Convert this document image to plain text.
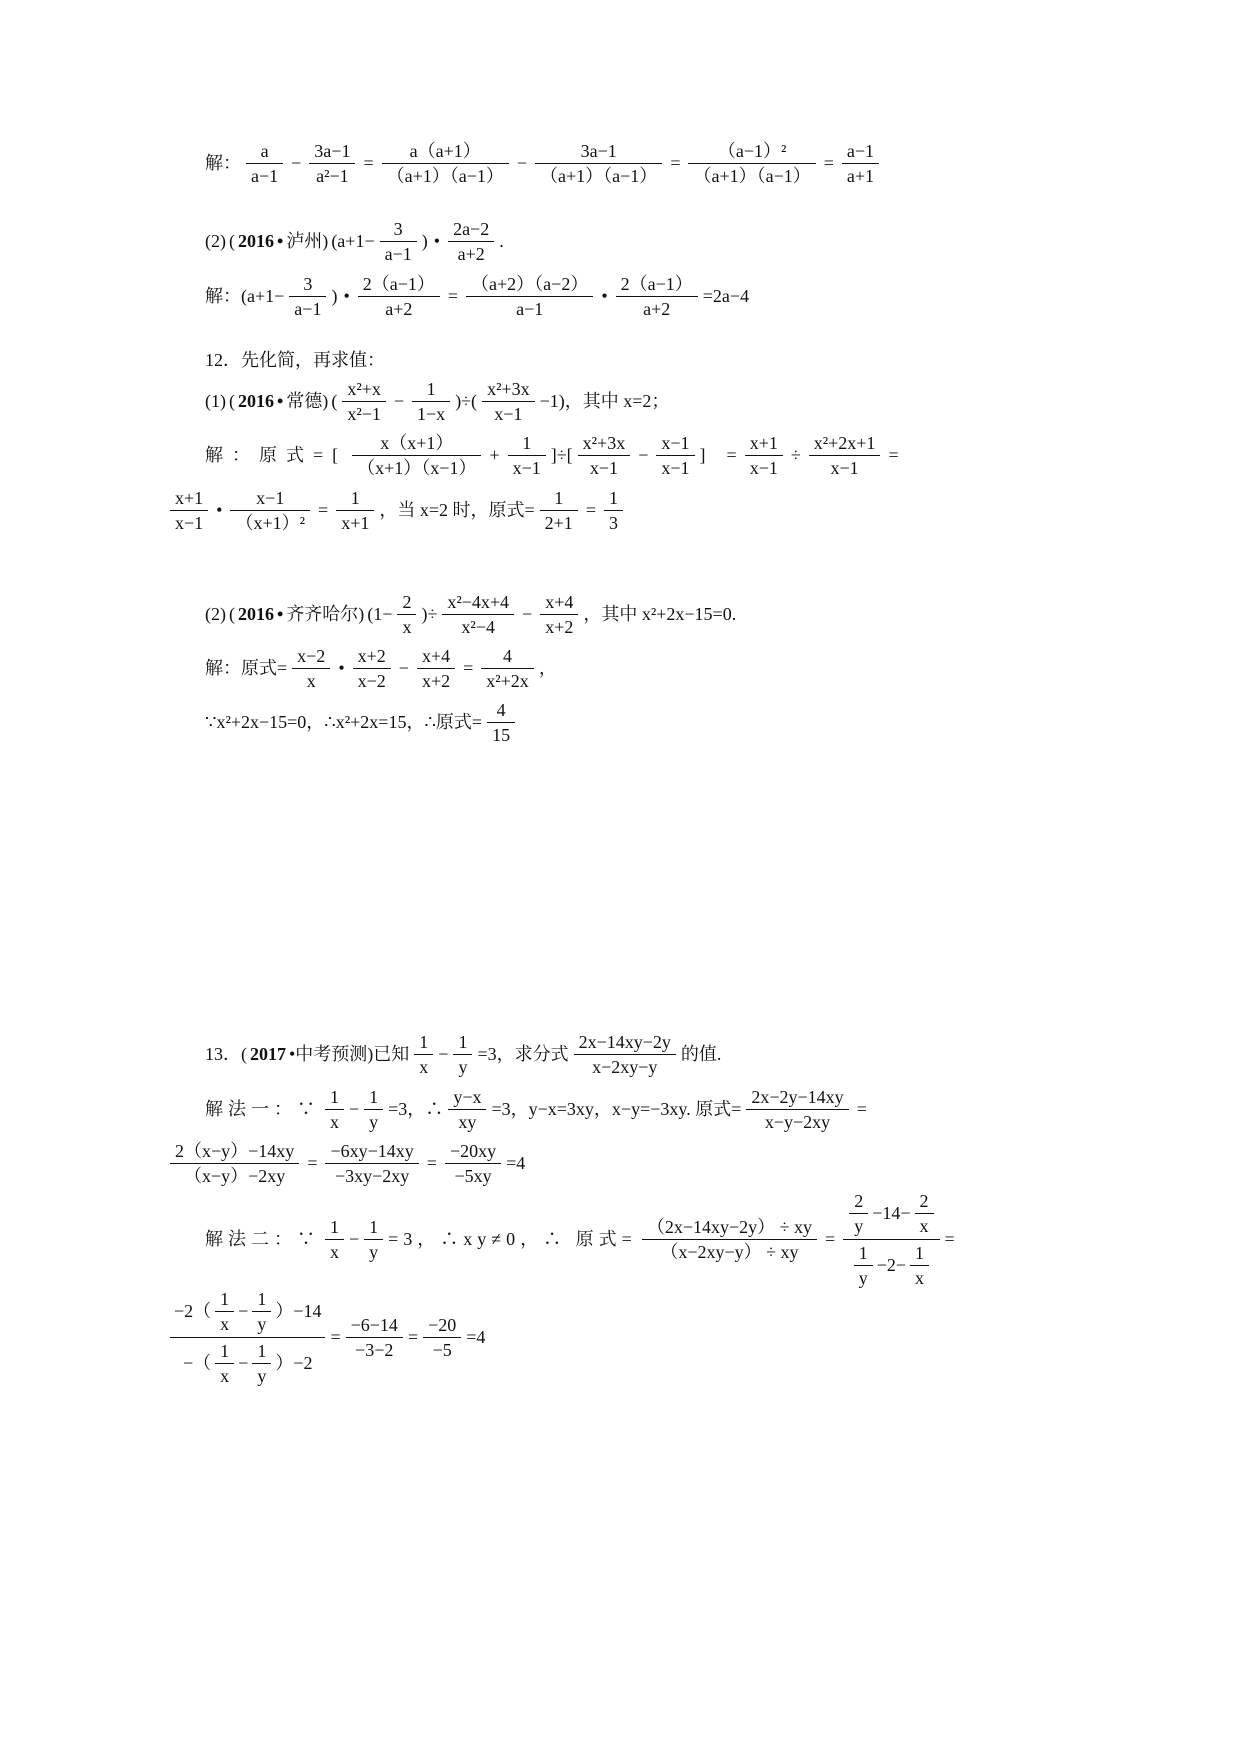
解： $\frac{a}{a-1} - \frac{3a-1}{\text{a²−1}} = \frac{a(a+1)}{(a+1)(a-1)} - \frac{3a-1}{(a+1)(a-1)} = \frac{\text{（a−1）²}}{(a+1)(a-1)} = \frac{a-1}{a+1}$
(2) ( 2016 • 泸州) ($a+1- \frac{3}{a-1}$ ) • $\frac{2a-2}{a+2}$ .
解：($a+1- \frac{3}{a-1}$ ) • $\frac{2(a-1)}{a+2} = \frac{(a+2)(a-2)}{a-1}$ • $\frac{2(a-1)}{a+2} =2a-4$
12．先化简，再求值：
(1) ( 2016 • 常德) ( $\frac{\text{x²+x}}{\text{x²−1}} - \frac{1}{1-x}$ )÷( $\frac{\text{x²+3x}}{x-1} -1$)，其中 x=2；
解：原式=[ $\frac{x(x+1)}{(x+1)(x-1)} + \frac{1}{x-1}$ ]÷[ $\frac{\text{x²+3x}}{x-1} - \frac{x-1}{x-1}$ ] = $\frac{x+1}{x-1} \div \frac{\text{x²+2x+1}}{x-1}$ =
$\frac{x+1}{x-1}$ • $\frac{x-1}{\text{（x+1）²}} = \frac{1}{x+1}$ ，当 x=2 时，原式= $\frac{1}{2+1} = \frac{1}{3}$
(2) ( 2016 • 齐齐哈尔) ($1- \frac{2}{x}$ )÷ $\frac{\text{x²−4x+4}}{\text{x²−4}} - \frac{x+4}{x+2}$ ，其中 x²+2x−15=0.
解：原式= $\frac{x-2}{x}$ • $\frac{x+2}{x-2} - \frac{x+4}{x+2} = \frac{4}{\text{x²+2x}}$ ，
∵x²+2x−15=0，∴x²+2x=15，∴原式= $\frac{4}{15}$
13．( 2017 •中考预测)已知 $\frac{1}{x} - \frac{1}{y} =3$，求分式 $\frac{2x-14xy-2y}{x-2xy-y}$ 的值.
解法一：∵ $\frac{1}{x} - \frac{1}{y} =3$，∴ $\frac{y-x}{xy} =3$，y−x=3xy，x−y=−3xy. 原式= $\frac{2x-2y-14xy}{x-y-2xy}$ =
$\frac{2(x-y)-14xy}{(x-y)-2xy} = \frac{-6xy-14xy}{-3xy-2xy} = \frac{-20xy}{-5xy} =4$
解法二：∵ $\frac{1}{x} - \frac{1}{y} =3$，∴xy≠0，∴ 原式= $\frac{(2x-14xy-2y) \div xy}{(x-2xy-y) \div xy} = \frac{\frac{2}{y} -14- \frac{2}{x}}{\frac{1}{y} -2- \frac{1}{x}}$ =
$\frac{-2( \frac{1}{x} - \frac{1}{y} )-14}{-( \frac{1}{x} - \frac{1}{y} )-2} = \frac{-6-14}{-3-2} = \frac{-20}{-5} =4$
